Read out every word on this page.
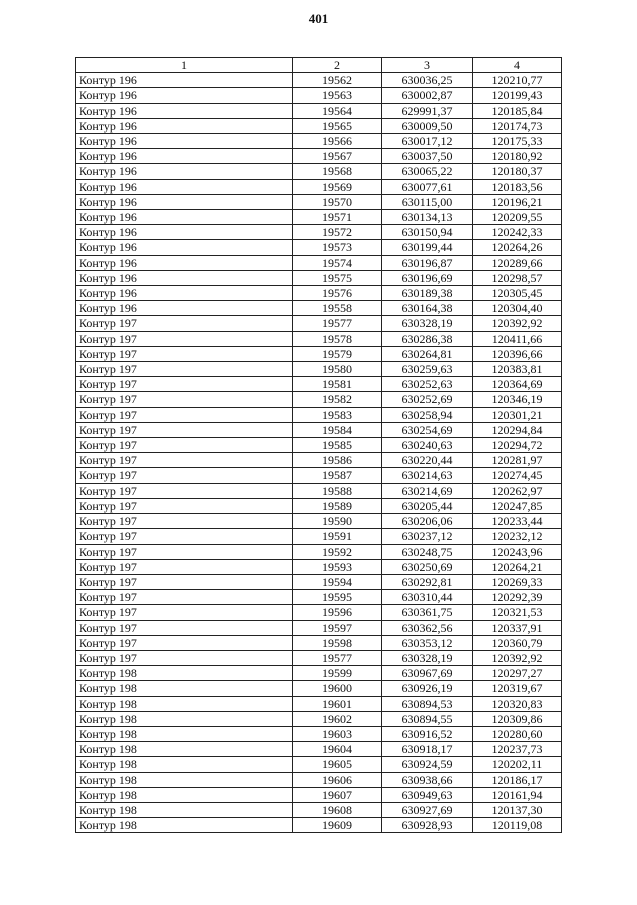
401
1	2	3	4
Контур 196	19562	630036,25	120210,77
Контур 196	19563	630002,87	120199,43
Контур 196	19564	629991,37	120185,84
Контур 196	19565	630009,50	120174,73
Контур 196	19566	630017,12	120175,33
Контур 196	19567	630037,50	120180,92
Контур 196	19568	630065,22	120180,37
Контур 196	19569	630077,61	120183,56
Контур 196	19570	630115,00	120196,21
Контур 196	19571	630134,13	120209,55
Контур 196	19572	630150,94	120242,33
Контур 196	19573	630199,44	120264,26
Контур 196	19574	630196,87	120289,66
Контур 196	19575	630196,69	120298,57
Контур 196	19576	630189,38	120305,45
Контур 196	19558	630164,38	120304,40
Контур 197	19577	630328,19	120392,92
Контур 197	19578	630286,38	120411,66
Контур 197	19579	630264,81	120396,66
Контур 197	19580	630259,63	120383,81
Контур 197	19581	630252,63	120364,69
Контур 197	19582	630252,69	120346,19
Контур 197	19583	630258,94	120301,21
Контур 197	19584	630254,69	120294,84
Контур 197	19585	630240,63	120294,72
Контур 197	19586	630220,44	120281,97
Контур 197	19587	630214,63	120274,45
Контур 197	19588	630214,69	120262,97
Контур 197	19589	630205,44	120247,85
Контур 197	19590	630206,06	120233,44
Контур 197	19591	630237,12	120232,12
Контур 197	19592	630248,75	120243,96
Контур 197	19593	630250,69	120264,21
Контур 197	19594	630292,81	120269,33
Контур 197	19595	630310,44	120292,39
Контур 197	19596	630361,75	120321,53
Контур 197	19597	630362,56	120337,91
Контур 197	19598	630353,12	120360,79
Контур 197	19577	630328,19	120392,92
Контур 198	19599	630967,69	120297,27
Контур 198	19600	630926,19	120319,67
Контур 198	19601	630894,53	120320,83
Контур 198	19602	630894,55	120309,86
Контур 198	19603	630916,52	120280,60
Контур 198	19604	630918,17	120237,73
Контур 198	19605	630924,59	120202,11
Контур 198	19606	630938,66	120186,17
Контур 198	19607	630949,63	120161,94
Контур 198	19608	630927,69	120137,30
Контур 198	19609	630928,93	120119,08
